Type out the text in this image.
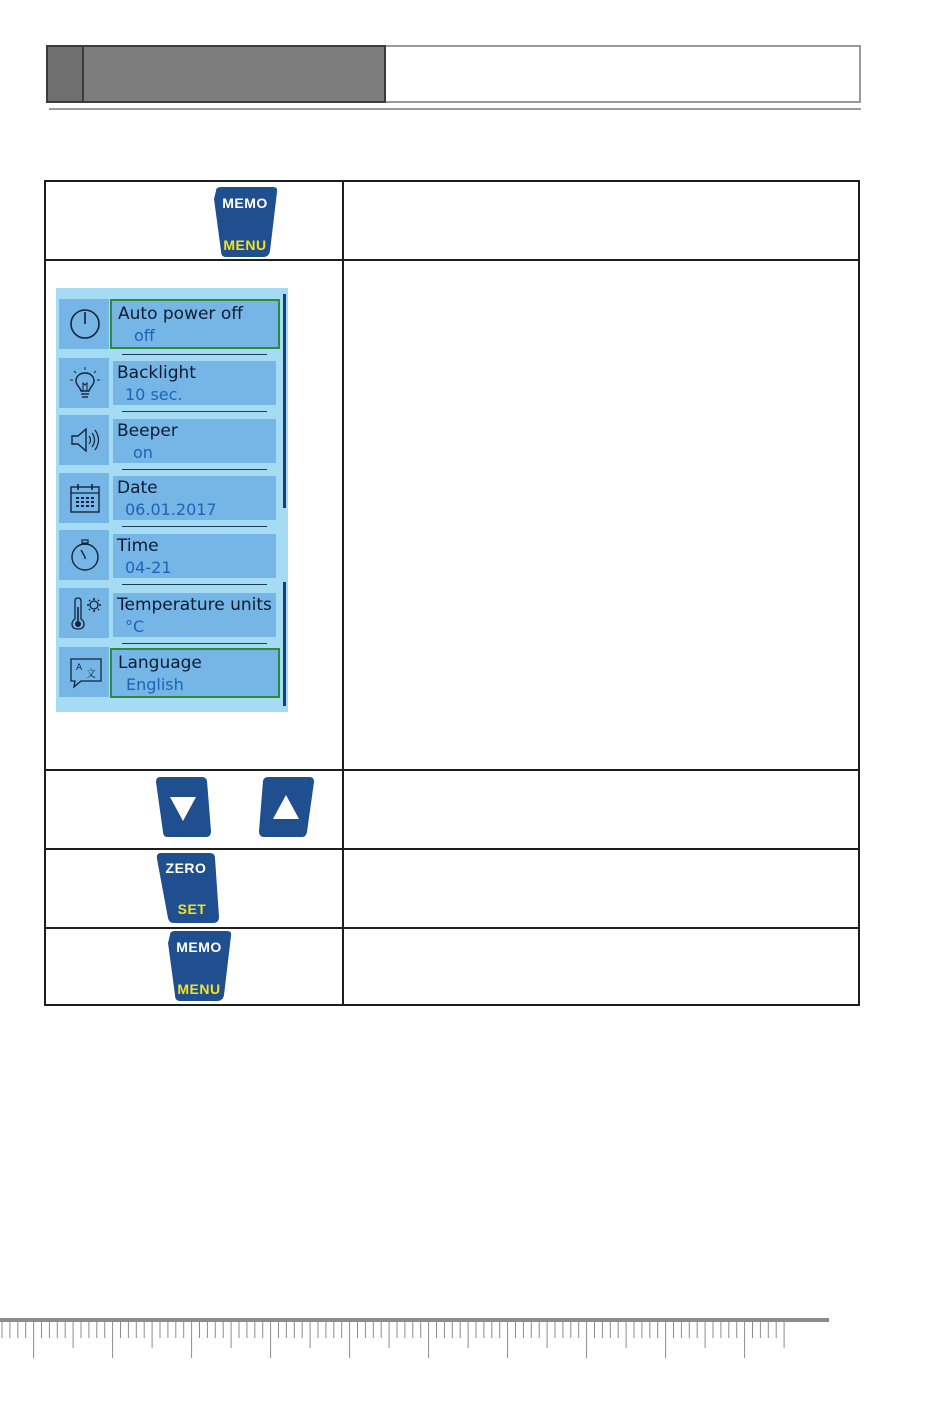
MEMO
MENU
Auto power off
off
Backlight
10 sec.
Beeper
on
Date
06.01.2017
Time
04-21
Temperature units
°C
A
文
Language
English
ZERO
SET
MEMO
MENU
